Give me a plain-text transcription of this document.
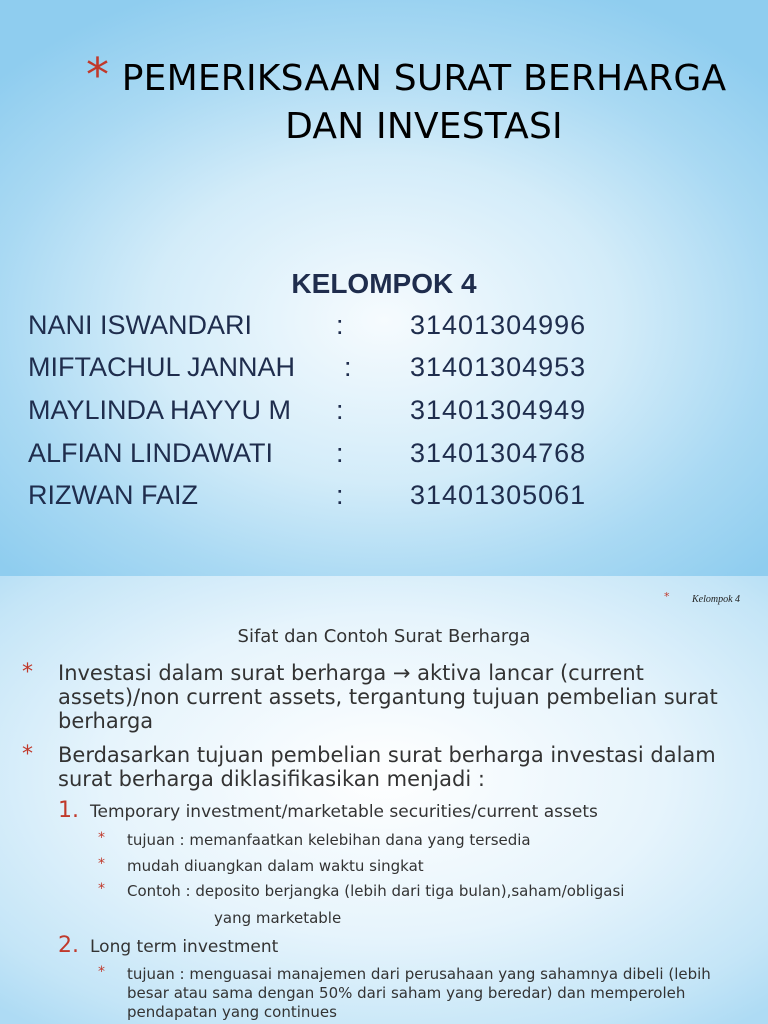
* PEMERIKSAAN SURAT BERHARGA
DAN INVESTASI
KELOMPOK 4
NANI ISWANDARI	: 31401304996
MIFTACHUL JANNAH : 31401304953
MAYLINDA HAYYU M : 31401304949
ALFIAN LINDAWATI : 31401304768
RIZWAN FAIZ	: 31401305061
* Kelompok 4
Sifat dan Contoh Surat Berharga
* Investasi dalam surat berharga → aktiva lancar (current assets)/non current assets, tergantung tujuan pembelian surat berharga
* Berdasarkan tujuan pembelian surat berharga investasi dalam surat berharga diklasifikasikan menjadi :
1. Temporary investment/marketable securities/current assets
* tujuan : memanfaatkan kelebihan dana yang tersedia
* mudah diuangkan dalam waktu singkat
* Contoh : deposito berjangka (lebih dari tiga bulan),saham/obligasi
yang marketable
2. Long term investment
* tujuan : menguasai manajemen dari perusahaan yang sahamnya dibeli (lebih besar atau sama dengan 50% dari saham yang beredar) dan memperoleh pendapatan yang continues
